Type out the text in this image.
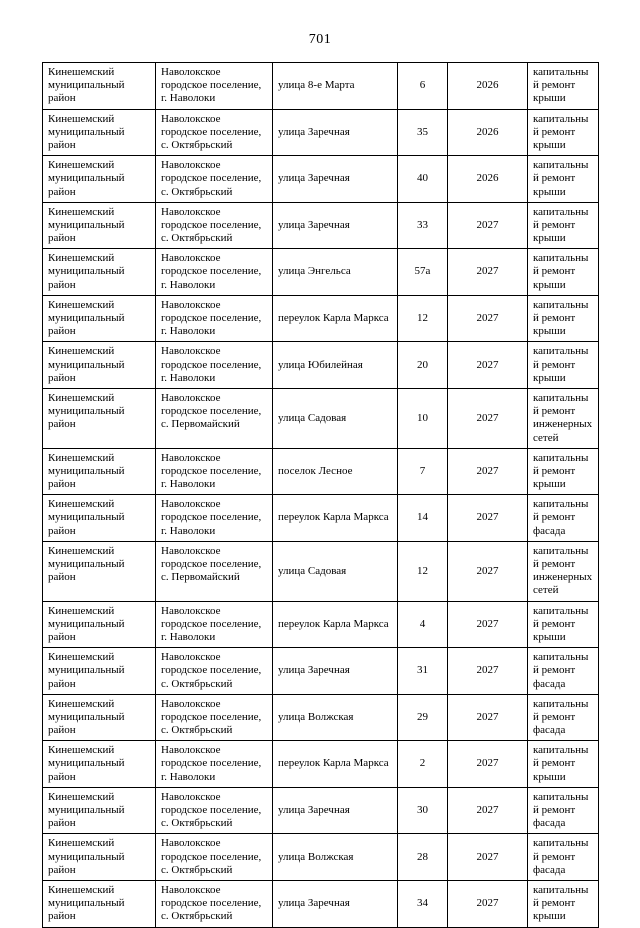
701
Кинешемский муниципальный район	Наволокское городское поселение, г. Наволоки	улица 8-е Марта	6	2026	капитальный ремонт крыши
Кинешемский муниципальный район	Наволокское городское поселение, с. Октябрьский	улица Заречная	35	2026	капитальный ремонт крыши
Кинешемский муниципальный район	Наволокское городское поселение, с. Октябрьский	улица Заречная	40	2026	капитальный ремонт крыши
Кинешемский муниципальный район	Наволокское городское поселение, с. Октябрьский	улица Заречная	33	2027	капитальный ремонт крыши
Кинешемский муниципальный район	Наволокское городское поселение, г. Наволоки	улица Энгельса	57а	2027	капитальный ремонт крыши
Кинешемский муниципальный район	Наволокское городское поселение, г. Наволоки	переулок Карла Маркса	12	2027	капитальный ремонт крыши
Кинешемский муниципальный район	Наволокское городское поселение, г. Наволоки	улица Юбилейная	20	2027	капитальный ремонт крыши
Кинешемский муниципальный район	Наволокское городское поселение, с. Первомайский	улица Садовая	10	2027	капитальный ремонт инженерных сетей
Кинешемский муниципальный район	Наволокское городское поселение, г. Наволоки	поселок Лесное	7	2027	капитальный ремонт крыши
Кинешемский муниципальный район	Наволокское городское поселение, г. Наволоки	переулок Карла Маркса	14	2027	капитальный ремонт фасада
Кинешемский муниципальный район	Наволокское городское поселение, с. Первомайский	улица Садовая	12	2027	капитальный ремонт инженерных сетей
Кинешемский муниципальный район	Наволокское городское поселение, г. Наволоки	переулок Карла Маркса	4	2027	капитальный ремонт крыши
Кинешемский муниципальный район	Наволокское городское поселение, с. Октябрьский	улица Заречная	31	2027	капитальный ремонт фасада
Кинешемский муниципальный район	Наволокское городское поселение, с. Октябрьский	улица Волжская	29	2027	капитальный ремонт фасада
Кинешемский муниципальный район	Наволокское городское поселение, г. Наволоки	переулок Карла Маркса	2	2027	капитальный ремонт крыши
Кинешемский муниципальный район	Наволокское городское поселение, с. Октябрьский	улица Заречная	30	2027	капитальный ремонт фасада
Кинешемский муниципальный район	Наволокское городское поселение, с. Октябрьский	улица Волжская	28	2027	капитальный ремонт фасада
Кинешемский муниципальный район	Наволокское городское поселение, с. Октябрьский	улица Заречная	34	2027	капитальный ремонт крыши
